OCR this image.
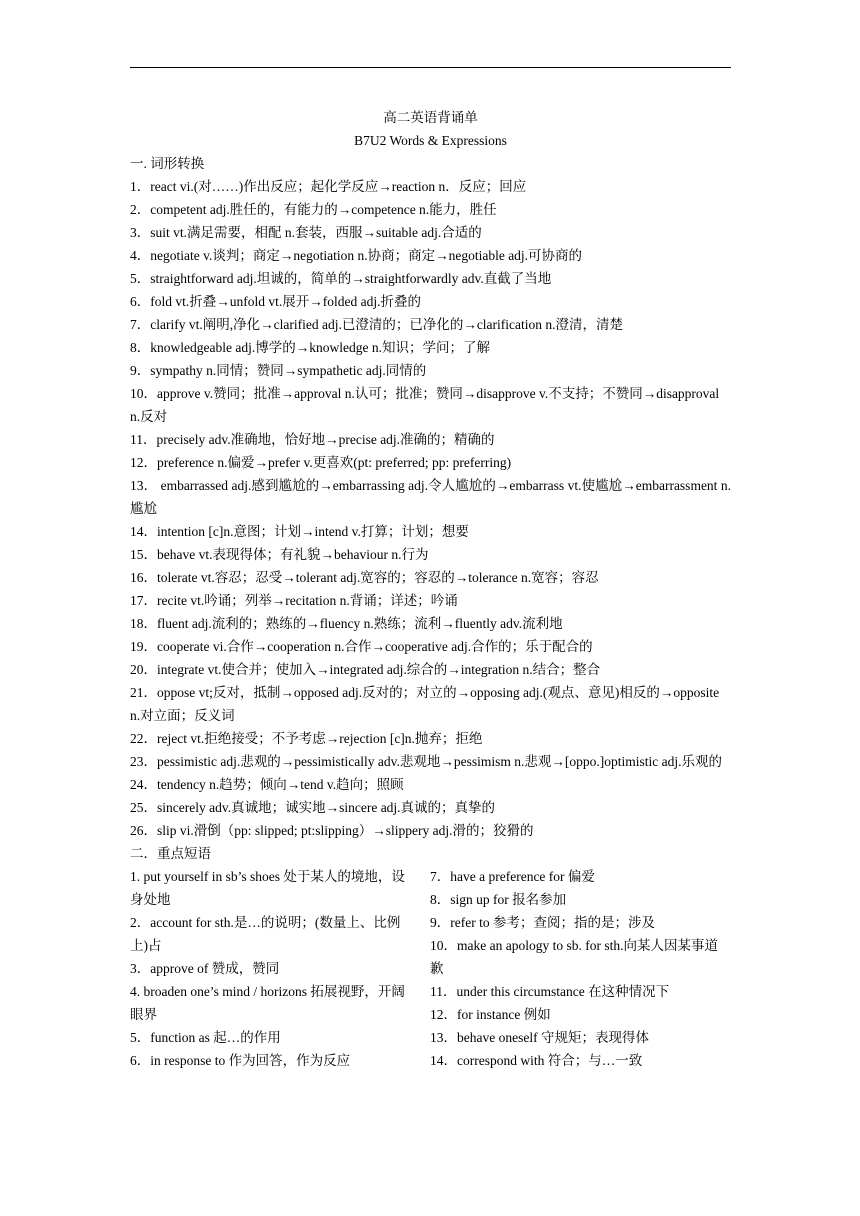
高二英语背诵单
B7U2 Words & Expressions
一. 词形转换
1．react vi.(对……)作出反应；起化学反应→reaction n．反应；回应
2．competent adj.胜任的，有能力的→competence n.能力，胜任
3．suit vt.满足需要，相配 n.套装，西服→suitable adj.合适的
4．negotiate v.谈判；商定→negotiation n.协商；商定→negotiable adj.可协商的
5．straightforward adj.坦诚的，简单的→straightforwardly adv.直截了当地
6．fold vt.折叠→unfold vt.展开→folded adj.折叠的
7．clarify vt.阐明,净化→clarified adj.已澄清的；已净化的→clarification n.澄清，清楚
8．knowledgeable adj.博学的→knowledge n.知识；学问；了解
9．sympathy n.同情；赞同→sympathetic adj.同情的
10．approve v.赞同；批准→approval n.认可；批准；赞同→disapprove v.不支持；不赞同→disapproval n.反对
11．precisely adv.准确地，恰好地→precise adj.准确的；精确的
12．preference n.偏爱→prefer v.更喜欢(pt: preferred; pp: preferring)
13． embarrassed adj.感到尴尬的→embarrassing adj.令人尴尬的→embarrass vt.使尴尬→embarrassment n.尴尬
14．intention [c]n.意图；计划→intend v.打算；计划；想要
15．behave vt.表现得体；有礼貌→behaviour n.行为
16．tolerate vt.容忍；忍受→tolerant adj.宽容的；容忍的→tolerance n.宽容；容忍
17．recite vt.吟诵；列举→recitation n.背诵；详述；吟诵
18．fluent adj.流利的；熟练的→fluency n.熟练；流利→fluently adv.流利地
19．cooperate vi.合作→cooperation n.合作→cooperative adj.合作的；乐于配合的
20．integrate vt.使合并；使加入→integrated adj.综合的→integration n.结合；整合
21．oppose vt;反对，抵制→opposed adj.反对的；对立的→opposing adj.(观点、意见)相反的→opposite n.对立面；反义词
22．reject vt.拒绝接受；不予考虑→rejection [c]n.抛弃；拒绝
23．pessimistic adj.悲观的→pessimistically adv.悲观地→pessimism n.悲观→[oppo.]optimistic adj.乐观的
24．tendency n.趋势；倾向→tend v.趋向；照顾
25．sincerely adv.真诚地；诚实地→sincere adj.真诚的；真挚的
26．slip vi.滑倒（pp: slipped; pt:slipping）→slippery adj.滑的；狡猾的
二．重点短语
1. put yourself in sb’s shoes 处于某人的境地，设身处地
2．account for sth.是…的说明；(数量上、比例上)占
3．approve of 赞成，赞同
4. broaden one’s mind / horizons 拓展视野，开阔眼界
5．function as 起…的作用
6．in response to 作为回答，作为反应
7．have a preference for 偏爱
8．sign up for 报名参加
9．refer to 参考；查阅；指的是；涉及
10．make an apology to sb. for sth.向某人因某事道歉
11．under this circumstance 在这种情况下
12．for instance 例如
13．behave oneself 守规矩；表现得体
14．correspond with 符合；与…一致
